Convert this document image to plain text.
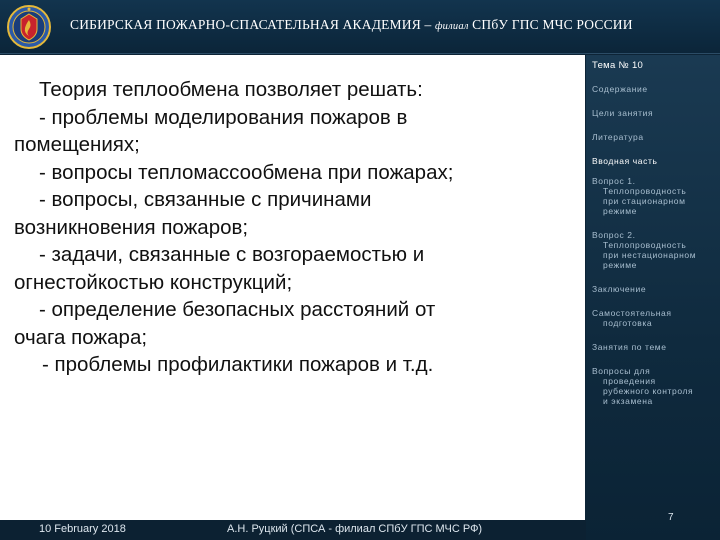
СИБИРСКАЯ ПОЖАРНО-СПАСАТЕЛЬНАЯ АКАДЕМИЯ – филиал СПбУ ГПС МЧС РОССИИ
Теория теплообмена позволяет решать:
- проблемы моделирования пожаров в
помещениях;
- вопросы тепломассообмена при пожарах;
- вопросы, связанные с причинами
возникновения пожаров;
- задачи, связанные с возгораемостью и
огнестойкостью конструкций;
- определение безопасных расстояний от
очага пожара;
- проблемы профилактики пожаров и т.д.
Тема № 10
Содержание
Цели занятия
Литература
Вводная часть
Вопрос 1.
Теплопроводность
при стационарном
режиме
Вопрос 2.
Теплопроводность
при нестационарном
режиме
Заключение
Самостоятельная
подготовка
Занятия по теме
Вопросы для
проведения
рубежного контроля
и экзамена
10 February 2018	А.Н. Руцкий (СПСА - филиал СПбУ ГПС МЧС РФ)
7
